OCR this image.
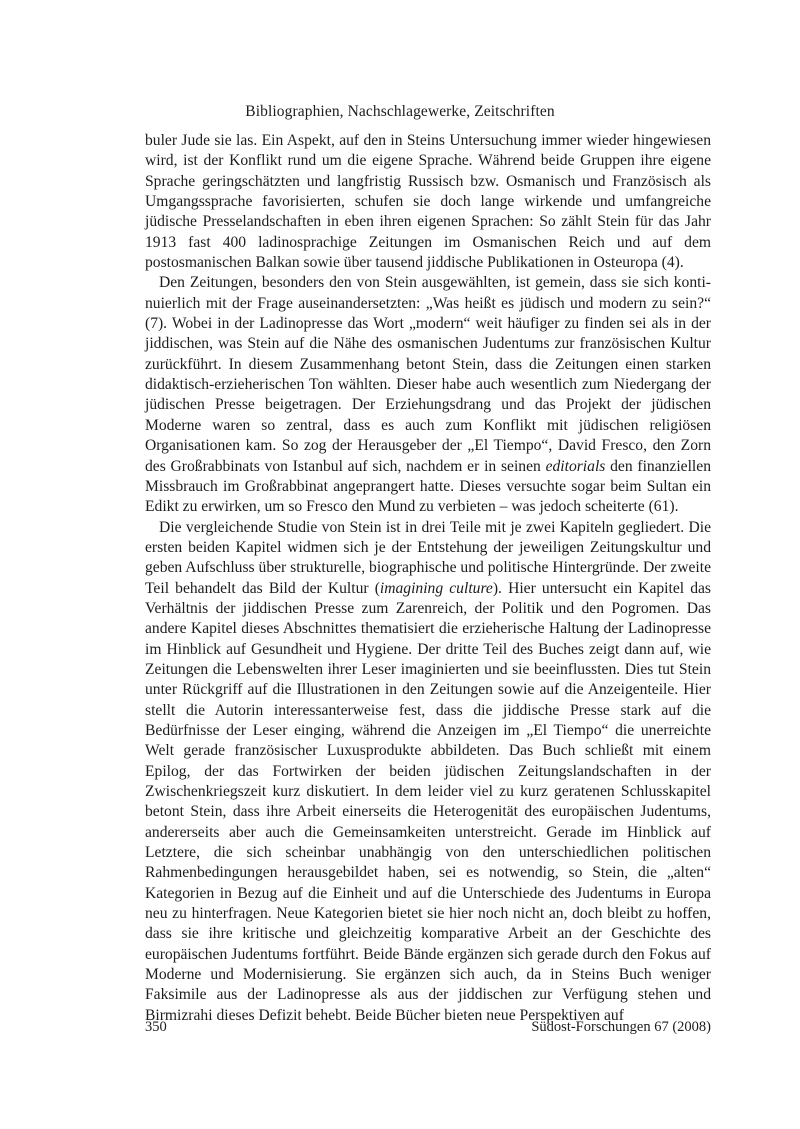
Bibliographien, Nachschlagewerke, Zeitschriften

buler Jude sie las. Ein Aspekt, auf den in Steins Untersuchung immer wieder hingewiesen wird, ist der Konflikt rund um die eigene Sprache. Während beide Gruppen ihre eigene Sprache geringschätzten und langfristig Russisch bzw. Osmanisch und Französisch als Umgangssprache favorisierten, schufen sie doch lange wirkende und umfangreiche jüdische Presselandschaften in eben ihren eigenen Sprachen: So zählt Stein für das Jahr 1913 fast 400 ladinosprachige Zeitungen im Osmanischen Reich und auf dem postosmanischen Balkan sowie über tausend jiddische Publikationen in Osteuropa (4).

Den Zeitungen, besonders den von Stein ausgewählten, ist gemein, dass sie sich kontinuierlich mit der Frage auseinandersetzten: „Was heißt es jüdisch und modern zu sein?“ (7). Wobei in der Ladinopresse das Wort „modern“ weit häufiger zu finden sei als in der jiddischen, was Stein auf die Nähe des osmanischen Judentums zur französischen Kultur zurückführt. In diesem Zusammenhang betont Stein, dass die Zeitungen einen starken didaktisch-erzieherischen Ton wählten. Dieser habe auch wesentlich zum Niedergang der jüdischen Presse beigetragen. Der Erziehungsdrang und das Projekt der jüdischen Moderne waren so zentral, dass es auch zum Konflikt mit jüdischen religiösen Organisationen kam. So zog der Herausgeber der „El Tiempo“, David Fresco, den Zorn des Großrabbinats von Istanbul auf sich, nachdem er in seinen editorials den finanziellen Missbrauch im Großrabbinat angeprangert hatte. Dieses versuchte sogar beim Sultan ein Edikt zu erwirken, um so Fresco den Mund zu verbieten – was jedoch scheiterte (61).

Die vergleichende Studie von Stein ist in drei Teile mit je zwei Kapiteln gegliedert. Die ersten beiden Kapitel widmen sich je der Entstehung der jeweiligen Zeitungskultur und geben Aufschluss über strukturelle, biographische und politische Hintergründe. Der zweite Teil behandelt das Bild der Kultur (imagining culture). Hier untersucht ein Kapitel das Verhältnis der jiddischen Presse zum Zarenreich, der Politik und den Pogromen. Das andere Kapitel dieses Abschnittes thematisiert die erzieherische Haltung der Ladinopresse im Hinblick auf Gesundheit und Hygiene. Der dritte Teil des Buches zeigt dann auf, wie Zeitungen die Lebenswelten ihrer Leser imaginierten und sie beeinflussten. Dies tut Stein unter Rückgriff auf die Illustrationen in den Zeitungen sowie auf die Anzeigenteile. Hier stellt die Autorin interessanterweise fest, dass die jiddische Presse stark auf die Bedürfnisse der Leser einging, während die Anzeigen im „El Tiempo“ die unerreichte Welt gerade französischer Luxusprodukte abbildeten. Das Buch schließt mit einem Epilog, der das Fortwirken der beiden jüdischen Zeitungslandschaften in der Zwischenkriegszeit kurz diskutiert. In dem leider viel zu kurz geratenen Schlusskapitel betont Stein, dass ihre Arbeit einerseits die Heterogenität des europäischen Judentums, andererseits aber auch die Gemeinsamkeiten unterstreicht. Gerade im Hinblick auf Letztere, die sich scheinbar unabhängig von den unterschiedlichen politischen Rahmenbedingungen herausgebildet haben, sei es notwendig, so Stein, die „alten“ Kategorien in Bezug auf die Einheit und auf die Unterschiede des Judentums in Europa neu zu hinterfragen. Neue Kategorien bietet sie hier noch nicht an, doch bleibt zu hoffen, dass sie ihre kritische und gleichzeitig komparative Arbeit an der Geschichte des europäischen Judentums fortführt. Beide Bände ergänzen sich gerade durch den Fokus auf Moderne und Modernisierung. Sie ergänzen sich auch, da in Steins Buch weniger Faksimile aus der Ladinopresse als aus der jiddischen zur Verfügung stehen und Birmizrahi dieses Defizit behebt. Beide Bücher bieten neue Perspektiven auf

350	Südost-Forschungen 67 (2008)
